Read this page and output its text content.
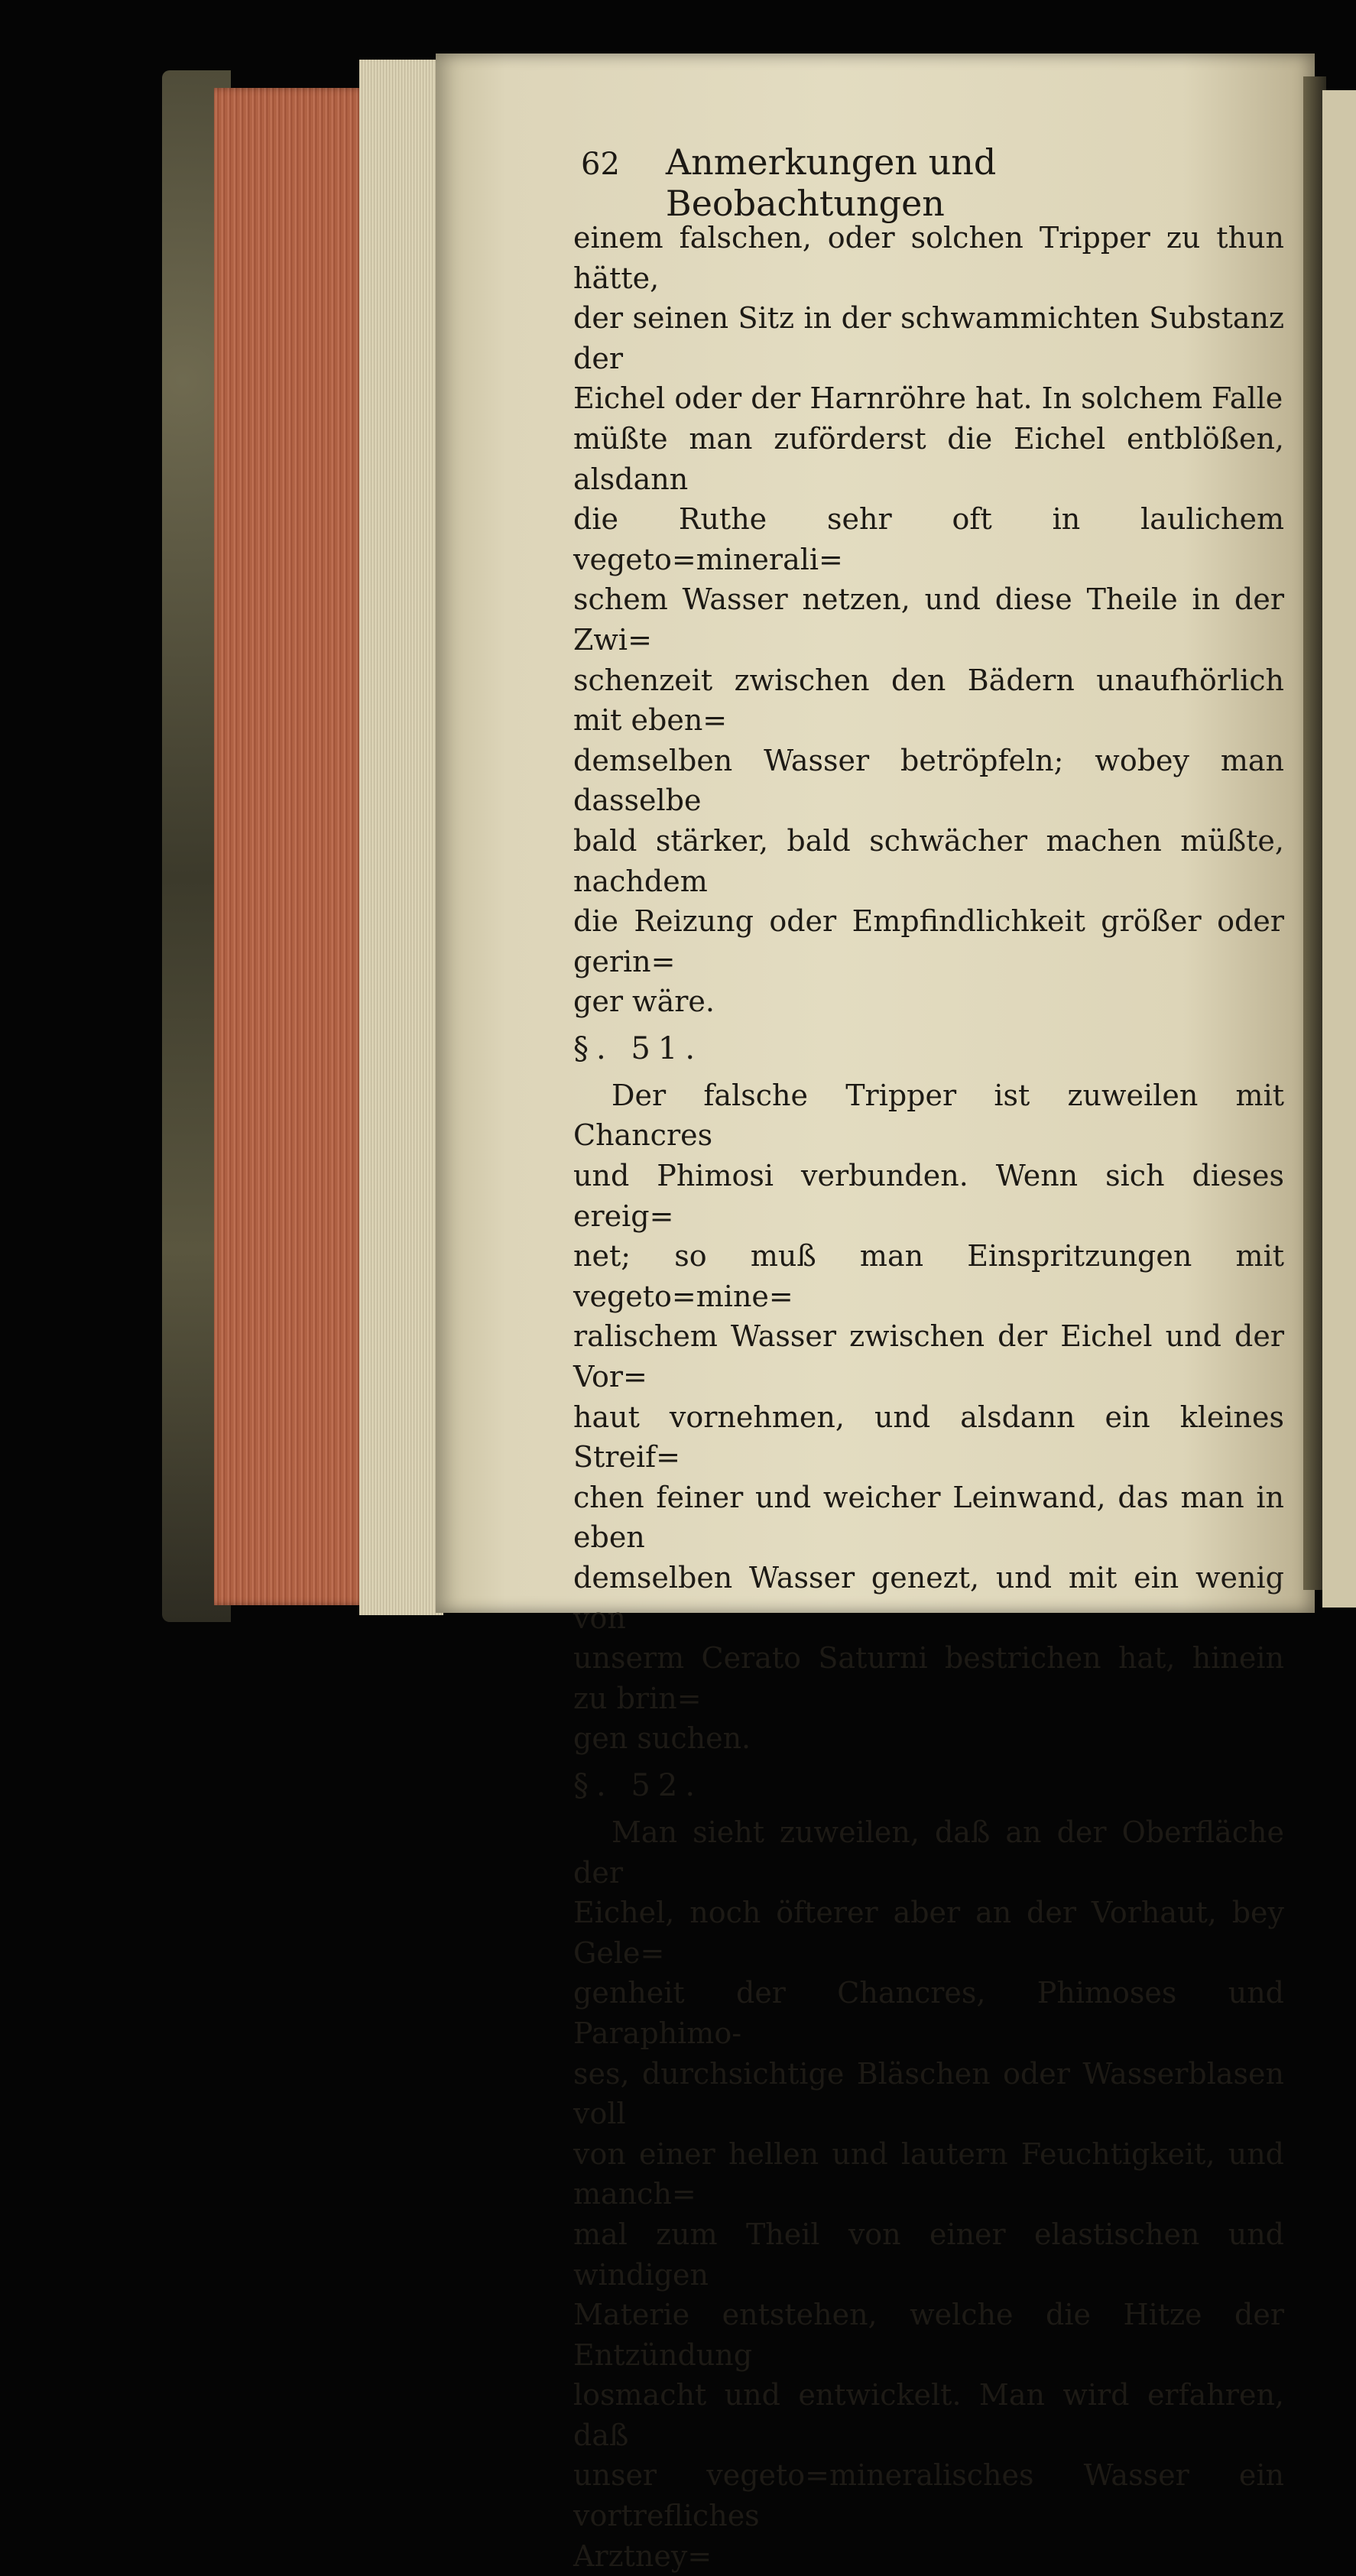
62 Anmerkungen und Beobachtungen

einem falschen, oder solchen Tripper zu thun hätte,
der seinen Sitz in der schwammichten Substanz der
Eichel oder der Harnröhre hat. In solchem Falle
müßte man zuförderst die Eichel entblößen, alsdann
die Ruthe sehr oft in laulichem vegeto=minerali=
schem Wasser netzen, und diese Theile in der Zwi=
schenzeit zwischen den Bädern unaufhörlich mit eben=
demselben Wasser betröpfeln; wobey man dasselbe
bald stärker, bald schwächer machen müßte, nachdem
die Reizung oder Empfindlichkeit größer oder gerin=
ger wäre.

§. 51.

Der falsche Tripper ist zuweilen mit Chancres
und Phimosi verbunden. Wenn sich dieses ereig=
net; so muß man Einspritzungen mit vegeto=mine=
ralischem Wasser zwischen der Eichel und der Vor=
haut vornehmen, und alsdann ein kleines Streif=
chen feiner und weicher Leinwand, das man in eben
demselben Wasser genezt, und mit ein wenig von
unserm Cerato Saturni bestrichen hat, hinein zu brin=
gen suchen.

§. 52.

Man sieht zuweilen, daß an der Oberfläche der
Eichel, noch öfterer aber an der Vorhaut, bey Gele=
genheit der Chancres, Phimoses und Paraphimo-
ses, durchsichtige Bläschen oder Wasserblasen voll
von einer hellen und lautern Feuchtigkeit, und manch=
mal zum Theil von einer elastischen und windigen
Materie entstehen, welche die Hitze der Entzündung
losmacht und entwickelt. Man wird erfahren, daß
unser vegeto=mineralisches Wasser ein vortrefliches

Arztney=
